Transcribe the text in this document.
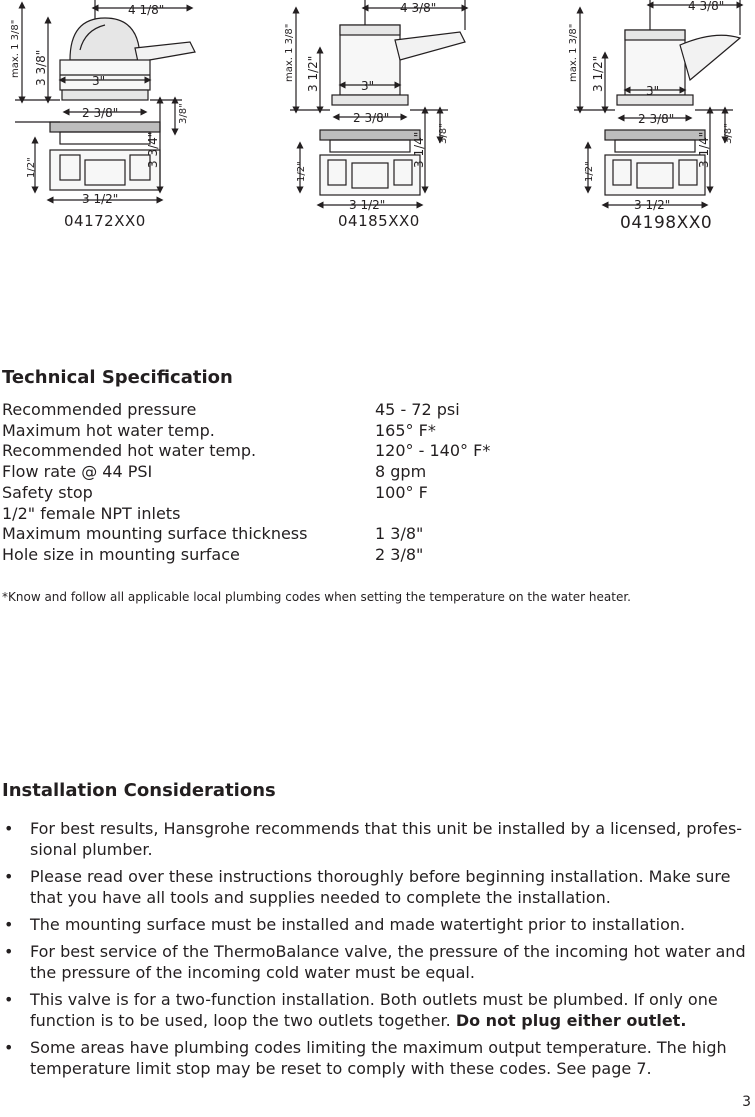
4 1/8"
max. 1 3/8" 3 3/8"	3"
2 3/8"
3 3/4"
3/8"
1/2"
3 1/2"
4 3/8"
max. 1 3/8" 3 1/2"	3"
2 3/8"
3 1/4" 3/8"
1/2"
3 1/2"
4 3/8"
max. 1 3/8" 3 1/2"	3"
2 3/8"
3 1/4" 3/8"
1/2"
3 1/2"
04172XX0	04185XX0	04198XX0
Technical Specification
Recommended pressure	45 - 72 psi
Maximum hot water temp.	165° F*
Recommended hot water temp.	120° - 140° F*
Flow rate @ 44 PSI	8 gpm
Safety stop	100° F
1/2" female NPT inlets
Maximum mounting surface thickness	1 3/8"
Hole size in mounting surface	2 3/8"
*Know and follow all applicable local plumbing codes when setting the temperature on the water heater.
Installation Considerations
•	For best results, Hansgrohe recommends that this unit be installed by a licensed, profes-sional plumber.
•	Please read over these instructions thoroughly before beginning installation. Make sure that you have all tools and supplies needed to complete the installation.
•	The mounting surface must be installed and made watertight prior to installation.
•	For best service of the ThermoBalance valve, the pressure of the incoming hot water and the pressure of the incoming cold water must be equal.
•	This valve is for a two-function installation. Both outlets must be plumbed. If only one function is to be used, loop the two outlets together. Do not plug either outlet.
•	Some areas have plumbing codes limiting the maximum output temperature. The high temperature limit stop may be reset to comply with these codes. See page 7.
3
